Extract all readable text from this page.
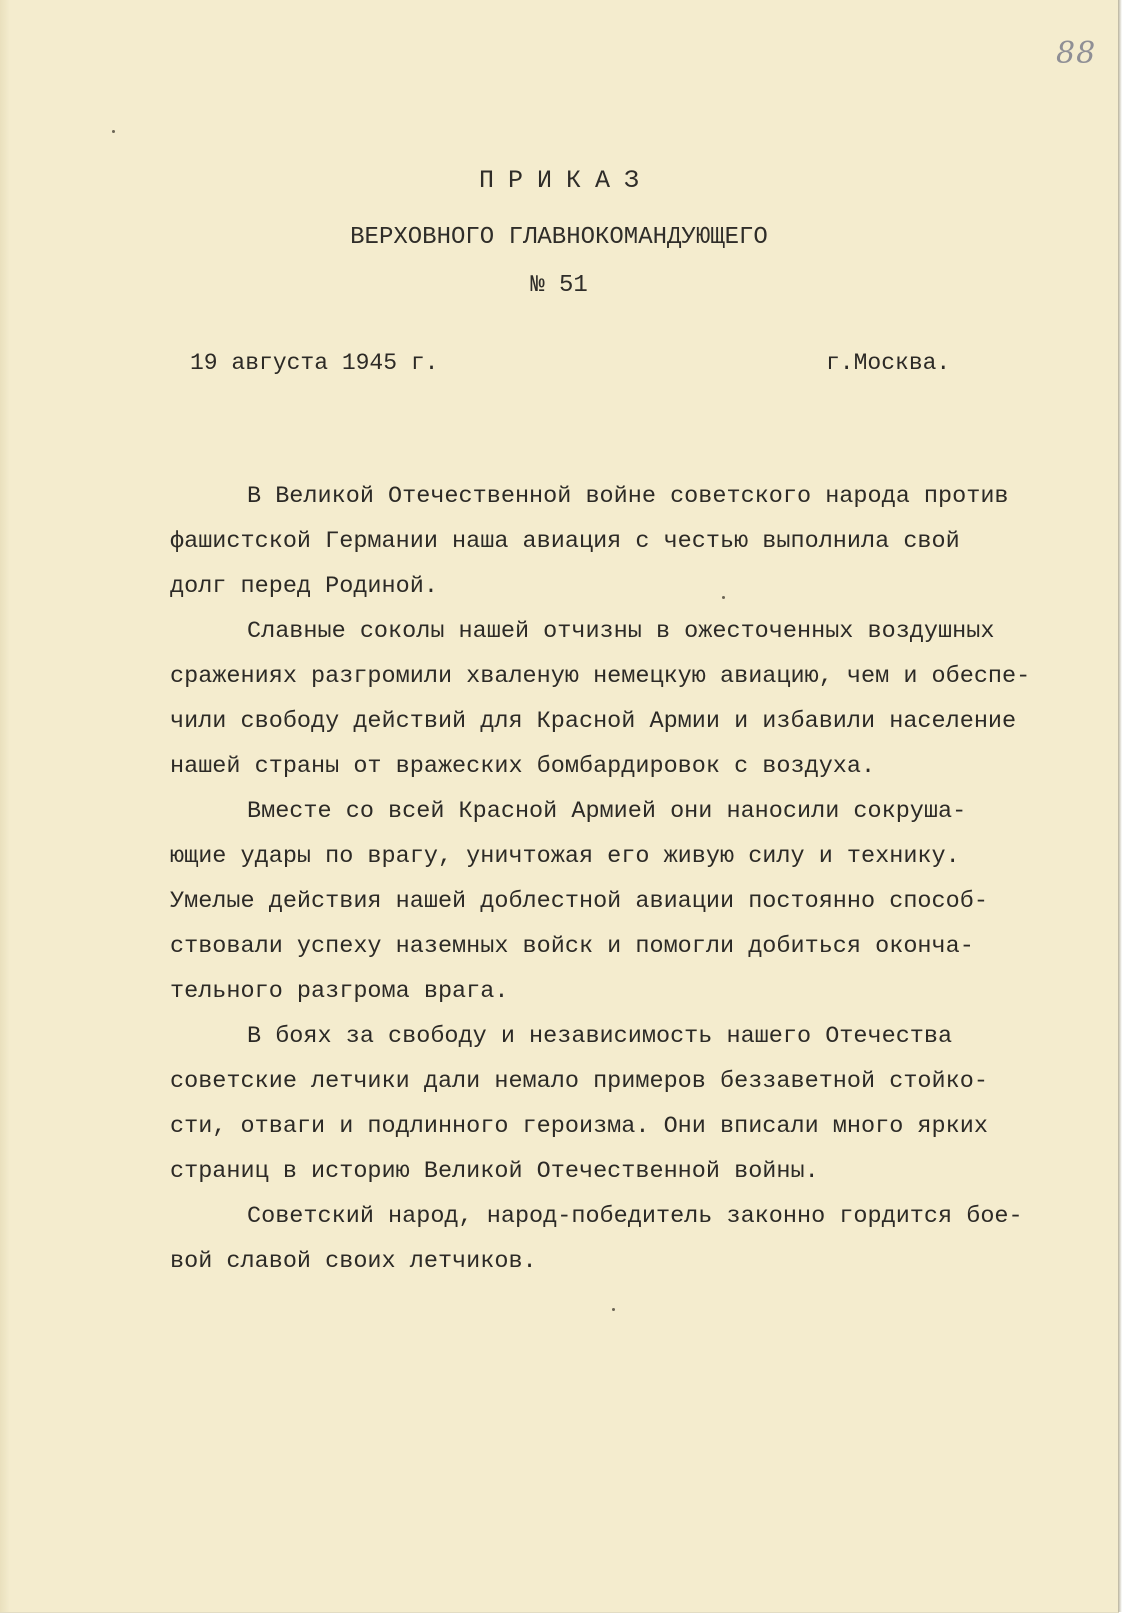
88
ПРИКАЗ
ВЕРХОВНОГО ГЛАВНОКОМАНДУЮЩЕГО
№ 51
19 августа 1945 г.	г.Москва.
В Великой Отечественной войне советского народа против
фашистской Германии наша авиация с честью выполнила свой
долг перед Родиной.
Славные соколы нашей отчизны в ожесточенных воздушных
сражениях разгромили хваленую немецкую авиацию, чем и обеспе-
чили свободу действий для Красной Армии и избавили население
нашей страны от вражеских бомбардировок с воздуха.
Вместе со всей Красной Армией они наносили сокруша-
ющие удары по врагу, уничтожая его живую силу и технику.
Умелые действия нашей доблестной авиации постоянно способ-
ствовали успеху наземных войск и помогли добиться оконча-
тельного разгрома врага.
В боях за свободу и независимость нашего Отечества
советские летчики дали немало примеров беззаветной стойко-
сти, отваги и подлинного героизма. Они вписали много ярких
страниц в историю Великой Отечественной войны.
Советский народ, народ-победитель законно гордится бое-
вой славой своих летчиков.
